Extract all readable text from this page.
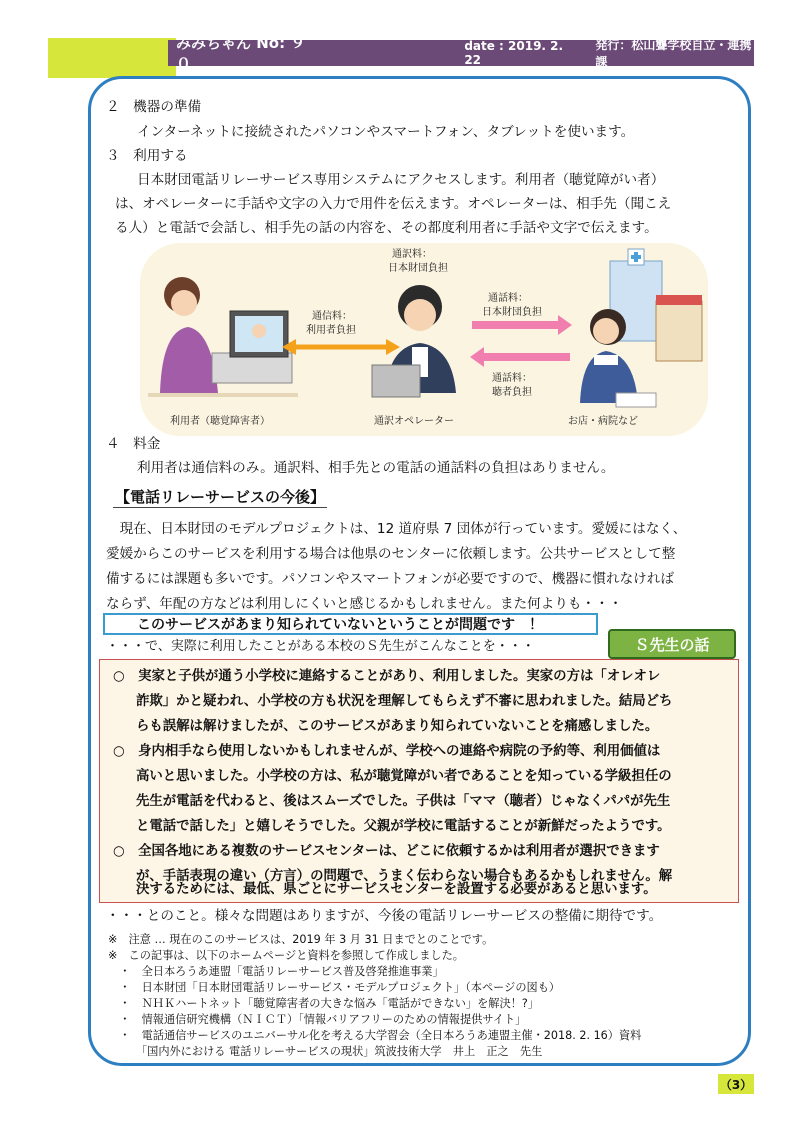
みみちゃん No: ９０
date : 2019. 2. 22
発行：松山聾学校自立・連携課
２　機器の準備
インターネットに接続されたパソコンやスマートフォン、タブレットを使います。
３　利用する
日本財団電話リレーサービス専用システムにアクセスします。利用者（聴覚障がい者）
は、オペレーターに手話や文字の入力で用件を伝えます。オペレーターは、相手先（聞こえ
る人）と電話で会話し、相手先の話の内容を、その都度利用者に手話や文字で伝えます。
通信料：
利用者負担
通訳料：
日本財団負担
通話料：
日本財団負担
通話料：
聴者負担
利用者（聴覚障害者）	通訳オペレーター	お店・病院など
４　料金
利用者は通信料のみ。通訳料、相手先との電話の通話料の負担はありません。
【電話リレーサービスの今後】
　現在、日本財団のモデルプロジェクトは、12 道府県 7 団体が行っています。愛媛にはなく、
愛媛からこのサービスを利用する場合は他県のセンターに依頼します。公共サービスとして整
備するには課題も多いです。パソコンやスマートフォンが必要ですので、機器に慣れなければ
ならず、年配の方などは利用しにくいと感じるかもしれません。また何よりも・・・
このサービスがあまり知られていないということが問題です　！
・・・で、実際に利用したことがある本校のＳ先生がこんなことを・・・	Ｓ先生の話
○　実家と子供が通う小学校に連絡することがあり、利用しました。実家の方は「オレオレ
詐欺」かと疑われ、小学校の方も状況を理解してもらえず不審に思われました。結局どち
らも誤解は解けましたが、このサービスがあまり知られていないことを痛感しました。
○　身内相手なら使用しないかもしれませんが、学校への連絡や病院の予約等、利用価値は
高いと思いました。小学校の方は、私が聴覚障がい者であることを知っている学級担任の
先生が電話を代わると、後はスムーズでした。子供は「ママ（聴者）じゃなくパパが先生
と電話で話した」と嬉しそうでした。父親が学校に電話することが新鮮だったようです。
○　全国各地にある複数のサービスセンターは、どこに依頼するかは利用者が選択できます
が、手話表現の違い（方言）の問題で、うまく伝わらない場合もあるかもしれません。解
決するためには、最低、県ごとにサービスセンターを設置する必要があると思います。
・・・とのこと。様々な問題はありますが、今後の電話リレーサービスの整備に期待です。
※　注意 … 現在のこのサービスは、2019 年 3 月 31 日までとのことです。
※　この記事は、以下のホームページと資料を参照して作成しました。
　・　全日本ろうあ連盟「電話リレーサービス普及啓発推進事業」
　・　日本財団「日本財団電話リレーサービス・モデルプロジェクト」（本ページの図も）
　・　ＮＨＫハートネット「聴覚障害者の大きな悩み「電話ができない」を解決！?」
　・　情報通信研究機構（ＮＩＣＴ）「情報バリアフリーのための情報提供サイト」
　・　電話通信サービスのユニバーサル化を考える大学習会（全日本ろうあ連盟主催・2018. 2. 16）資料
　　　「国内外における 電話リレーサービスの現状」筑波技術大学　井上　正之　先生
（3）
